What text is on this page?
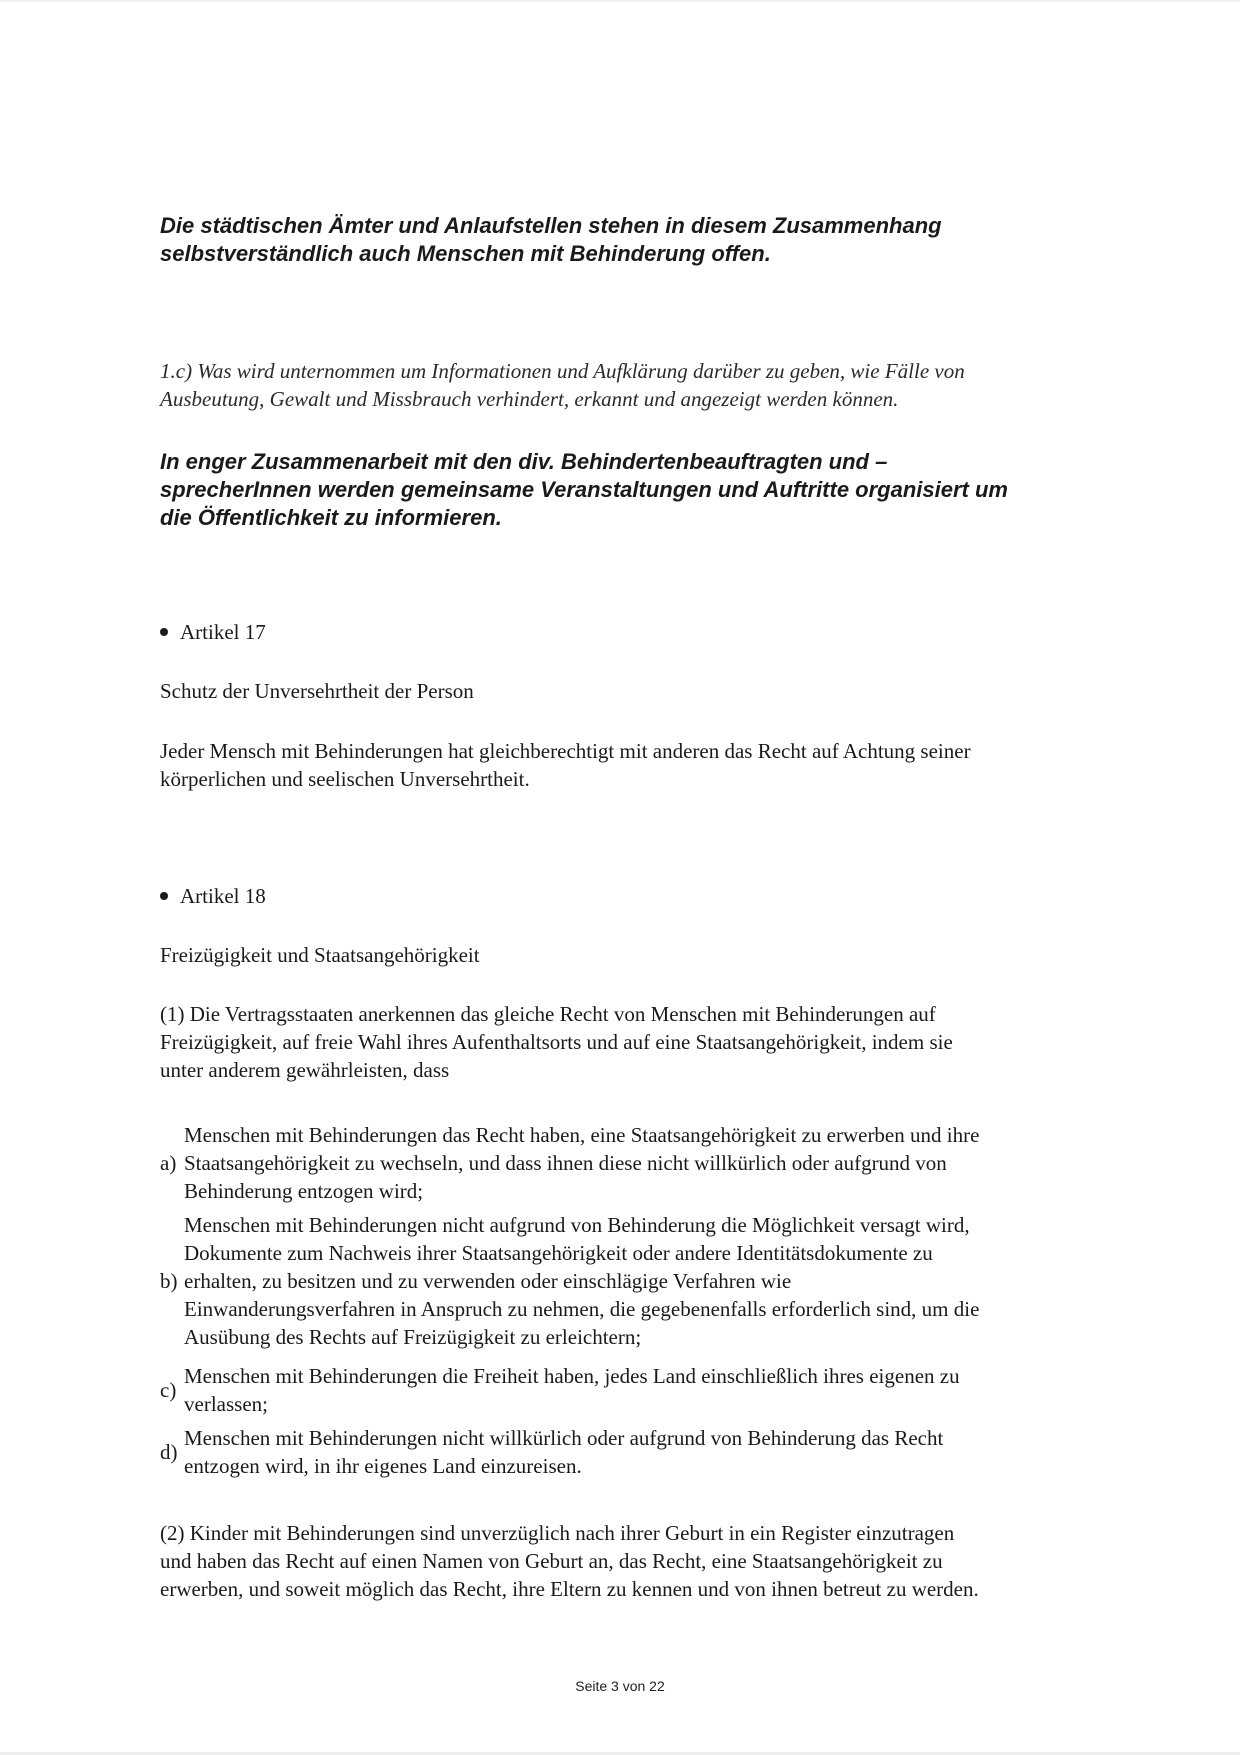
Die städtischen Ämter und Anlaufstellen stehen in diesem Zusammenhang
selbstverständlich auch Menschen mit Behinderung offen.
1.c) Was wird unternommen um Informationen und Aufklärung darüber zu geben, wie Fälle von
Ausbeutung, Gewalt und Missbrauch verhindert, erkannt und angezeigt werden können.
In enger Zusammenarbeit mit den div. Behindertenbeauftragten und –
sprecherInnen werden gemeinsame Veranstaltungen und Auftritte organisiert um
die Öffentlichkeit zu informieren.
Artikel 17
Schutz der Unversehrtheit der Person
Jeder Mensch mit Behinderungen hat gleichberechtigt mit anderen das Recht auf Achtung seiner
körperlichen und seelischen Unversehrtheit.
Artikel 18
Freizügigkeit und Staatsangehörigkeit
(1) Die Vertragsstaaten anerkennen das gleiche Recht von Menschen mit Behinderungen auf
Freizügigkeit, auf freie Wahl ihres Aufenthaltsorts und auf eine Staatsangehörigkeit, indem sie
unter anderem gewährleisten, dass
a)
Menschen mit Behinderungen das Recht haben, eine Staatsangehörigkeit zu erwerben und ihre
Staatsangehörigkeit zu wechseln, und dass ihnen diese nicht willkürlich oder aufgrund von
Behinderung entzogen wird;
b)
Menschen mit Behinderungen nicht aufgrund von Behinderung die Möglichkeit versagt wird,
Dokumente zum Nachweis ihrer Staatsangehörigkeit oder andere Identitätsdokumente zu
erhalten, zu besitzen und zu verwenden oder einschlägige Verfahren wie
Einwanderungsverfahren in Anspruch zu nehmen, die gegebenenfalls erforderlich sind, um die
Ausübung des Rechts auf Freizügigkeit zu erleichtern;
c)
Menschen mit Behinderungen die Freiheit haben, jedes Land einschließlich ihres eigenen zu
verlassen;
d)
Menschen mit Behinderungen nicht willkürlich oder aufgrund von Behinderung das Recht
entzogen wird, in ihr eigenes Land einzureisen.
(2) Kinder mit Behinderungen sind unverzüglich nach ihrer Geburt in ein Register einzutragen
und haben das Recht auf einen Namen von Geburt an, das Recht, eine Staatsangehörigkeit zu
erwerben, und soweit möglich das Recht, ihre Eltern zu kennen und von ihnen betreut zu werden.
Seite 3 von 22
